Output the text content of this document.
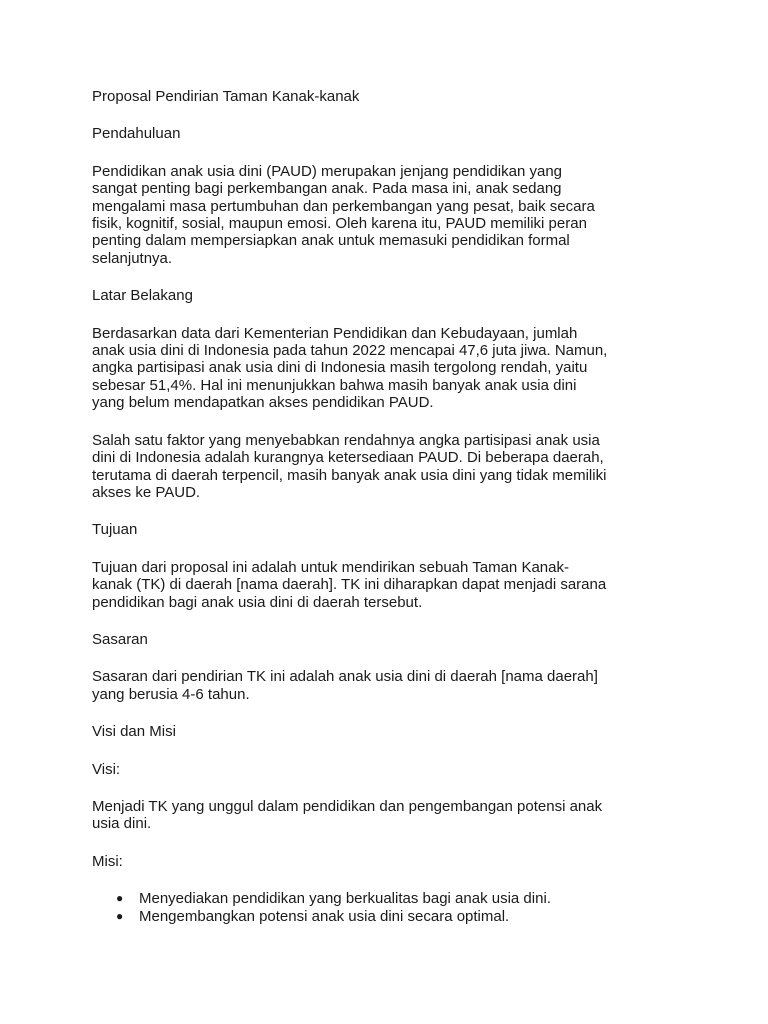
Proposal Pendirian Taman Kanak-kanak
Pendahuluan
Pendidikan anak usia dini (PAUD) merupakan jenjang pendidikan yang
sangat penting bagi perkembangan anak. Pada masa ini, anak sedang
mengalami masa pertumbuhan dan perkembangan yang pesat, baik secara
fisik, kognitif, sosial, maupun emosi. Oleh karena itu, PAUD memiliki peran
penting dalam mempersiapkan anak untuk memasuki pendidikan formal
selanjutnya.
Latar Belakang
Berdasarkan data dari Kementerian Pendidikan dan Kebudayaan, jumlah
anak usia dini di Indonesia pada tahun 2022 mencapai 47,6 juta jiwa. Namun,
angka partisipasi anak usia dini di Indonesia masih tergolong rendah, yaitu
sebesar 51,4%. Hal ini menunjukkan bahwa masih banyak anak usia dini
yang belum mendapatkan akses pendidikan PAUD.
Salah satu faktor yang menyebabkan rendahnya angka partisipasi anak usia
dini di Indonesia adalah kurangnya ketersediaan PAUD. Di beberapa daerah,
terutama di daerah terpencil, masih banyak anak usia dini yang tidak memiliki
akses ke PAUD.
Tujuan
Tujuan dari proposal ini adalah untuk mendirikan sebuah Taman Kanak-
kanak (TK) di daerah [nama daerah]. TK ini diharapkan dapat menjadi sarana
pendidikan bagi anak usia dini di daerah tersebut.
Sasaran
Sasaran dari pendirian TK ini adalah anak usia dini di daerah [nama daerah]
yang berusia 4-6 tahun.
Visi dan Misi
Visi:
Menjadi TK yang unggul dalam pendidikan dan pengembangan potensi anak
usia dini.
Misi:
● Menyediakan pendidikan yang berkualitas bagi anak usia dini.
● Mengembangkan potensi anak usia dini secara optimal.
